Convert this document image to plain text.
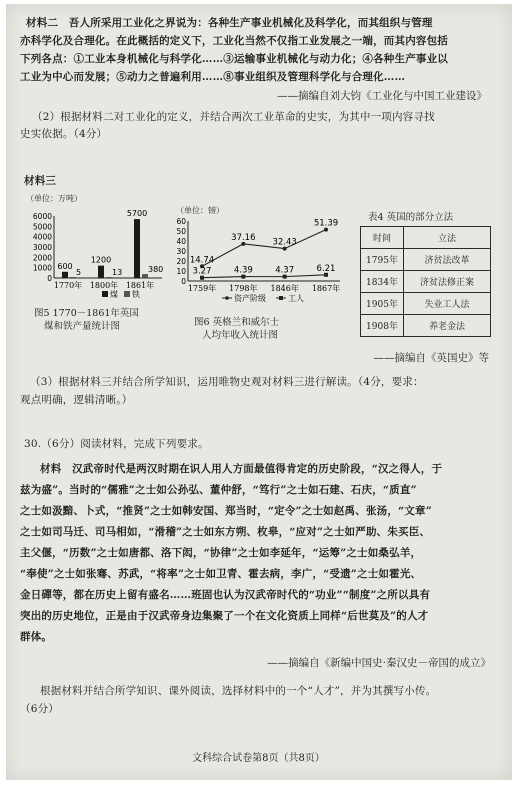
材料二　吾人所采用工业化之界说为：各种生产事业机械化及科学化，而其组织与管理
亦科学化及合理化。在此概括的定义下，工业化当然不仅指工业发展之一端，而其内容包括
下列各点：①工业本身机械化与科学化……③运输事业机械化与动力化；④各种生产事业以
工业为中心而发展；⑤动力之普遍利用……⑧事业组织及管理科学化与合理化……
——摘编自刘大钧《工业化与中国工业建设》
（2）根据材料二对工业化的定义，并结合两次工业革命的史实，为其中一项内容寻找
史实依据。（4分）
材料三
（单位：万吨）
6000
5000
4000
3000
2000
1000
0
600
5
1770年
1200
13
1800年
5700
380
1861年
煤 铁
图5 1770－1861年英国
煤和铁产量统计图
（单位：镑）
60
50
40
30
20
10
0
14.74
37.16 32.43
51.39
3.27	4.39	4.37	6.21
1759年 1798年 1846年 1867年
资产阶级	工人
图6 英格兰和威尔士
人均年收入统计图
表4 英国的部分立法
时间	立法
1795年	济贫法改革
1834年	济贫法修正案
1905年	失业工人法
1908年	养老金法
——摘编自《英国史》等
（3）根据材料三并结合所学知识，运用唯物史观对材料三进行解读。（4分，要求：
观点明确，逻辑清晰。）
30.（6分）阅读材料，完成下列要求。
材料　汉武帝时代是两汉时期在识人用人方面最值得肯定的历史阶段，“汉之得人，于
兹为盛”。当时的“儒雅”之士如公孙弘、董仲舒，“笃行”之士如石建、石庆，“质直”
之士如汲黯、卜式，“推贤”之士如韩安国、郑当时，“定令”之士如赵禹、张汤，“文章”
之士如司马迁、司马相如，“滑稽”之士如东方朔、枚皋，“应对”之士如严助、朱买臣、
主父偃，“历数”之士如唐都、洛下闳，“协律”之士如李延年，“运筹”之士如桑弘羊，
“奉使”之士如张骞、苏武，“将率”之士如卫青、霍去病，李广，“受遗”之士如霍光、
金日磾等，都在历史上留有盛名……班固也认为汉武帝时代的“功业”“制度”之所以具有
突出的历史地位，正是由于汉武帝身边集聚了一个在文化资质上同样“后世莫及”的人才
群体。
——摘编自《新编中国史·秦汉史－帝国的成立》
根据材料并结合所学知识、课外阅读，选择材料中的一个“人才”，并为其撰写小传。
（6分）
文科综合试卷第8页（共8页）
